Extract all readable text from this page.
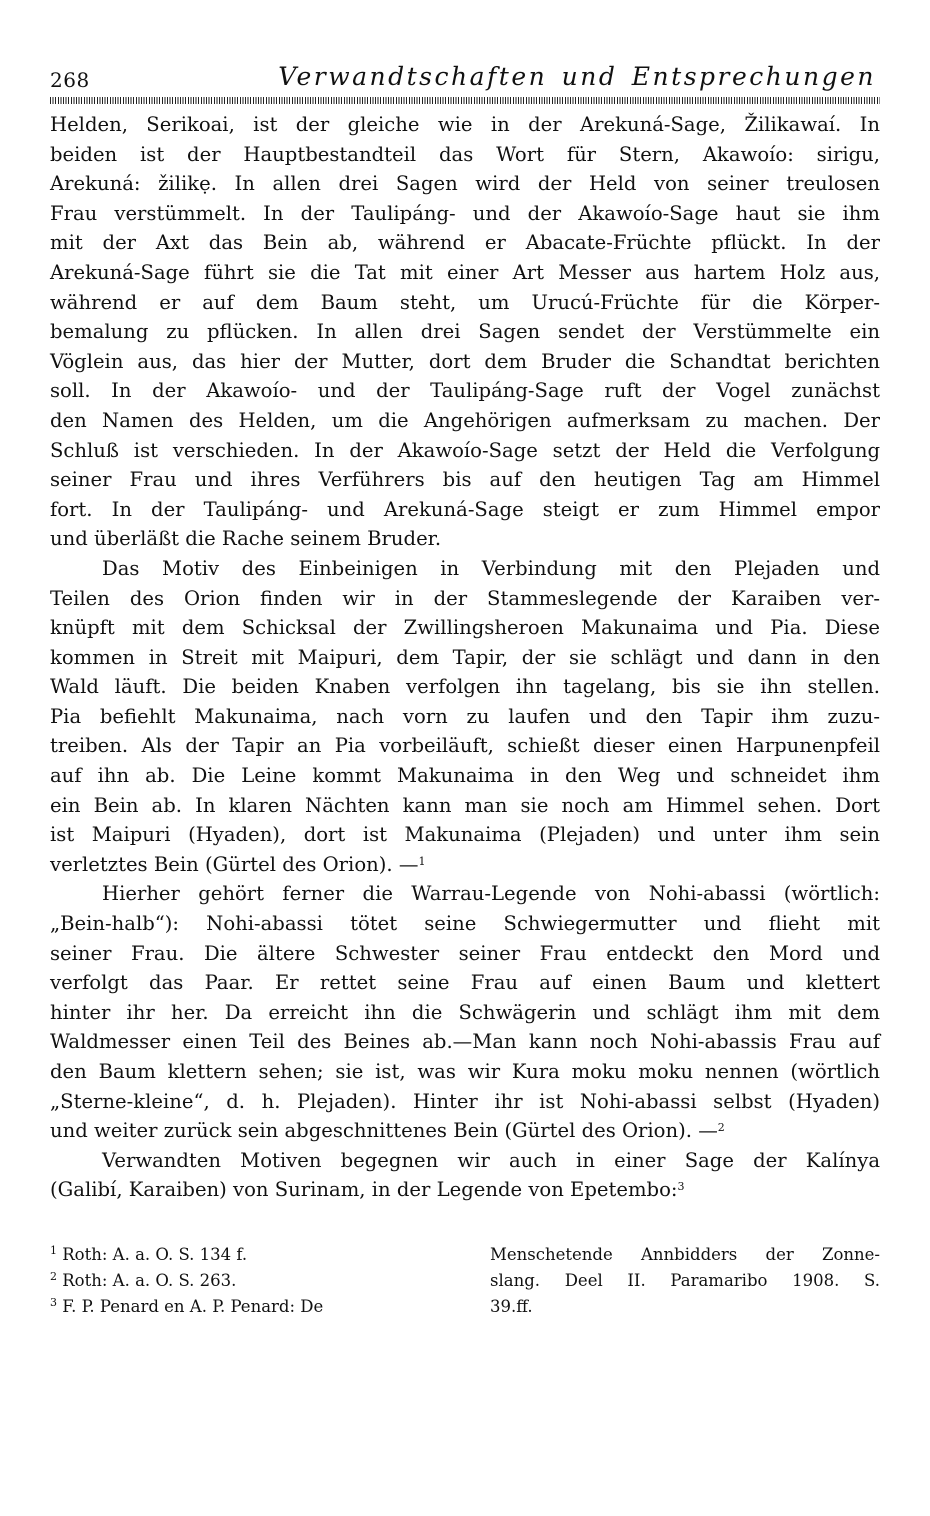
268	Verwandtschaften und Entsprechungen
Helden, Serikoai, ist der gleiche wie in der Arekuná-Sage, Žilikawaí. In
beiden ist der Hauptbestandteil das Wort für Stern, Akawoío: sirigu,
Arekuná: žilikẹ. In allen drei Sagen wird der Held von seiner treulosen
Frau verstümmelt. In der Taulipáng- und der Akawoío-Sage haut sie ihm
mit der Axt das Bein ab, während er Abacate-Früchte pflückt. In der
Arekuná-Sage führt sie die Tat mit einer Art Messer aus hartem Holz aus,
während er auf dem Baum steht, um Urucú-Früchte für die Körper-
bemalung zu pflücken. In allen drei Sagen sendet der Verstümmelte ein
Vöglein aus, das hier der Mutter, dort dem Bruder die Schandtat berichten
soll. In der Akawoío- und der Taulipáng-Sage ruft der Vogel zunächst
den Namen des Helden, um die Angehörigen aufmerksam zu machen. Der
Schluß ist verschieden. In der Akawoío-Sage setzt der Held die Verfolgung
seiner Frau und ihres Verführers bis auf den heutigen Tag am Himmel
fort. In der Taulipáng- und Arekuná-Sage steigt er zum Himmel empor
und überläßt die Rache seinem Bruder.
Das Motiv des Einbeinigen in Verbindung mit den Plejaden und
Teilen des Orion finden wir in der Stammeslegende der Karaiben ver-
knüpft mit dem Schicksal der Zwillingsheroen Makunaima und Pia. Diese
kommen in Streit mit Maipuri, dem Tapir, der sie schlägt und dann in den
Wald läuft. Die beiden Knaben verfolgen ihn tagelang, bis sie ihn stellen.
Pia befiehlt Makunaima, nach vorn zu laufen und den Tapir ihm zuzu-
treiben. Als der Tapir an Pia vorbeiläuft, schießt dieser einen Harpunenpfeil
auf ihn ab. Die Leine kommt Makunaima in den Weg und schneidet ihm
ein Bein ab. In klaren Nächten kann man sie noch am Himmel sehen. Dort
ist Maipuri (Hyaden), dort ist Makunaima (Plejaden) und unter ihm sein
verletztes Bein (Gürtel des Orion). —$^1$
Hierher gehört ferner die Warrau-Legende von Nohi-abassi (wörtlich:
„Bein-halb“): Nohi-abassi tötet seine Schwiegermutter und flieht mit
seiner Frau. Die ältere Schwester seiner Frau entdeckt den Mord und
verfolgt das Paar. Er rettet seine Frau auf einen Baum und klettert
hinter ihr her. Da erreicht ihn die Schwägerin und schlägt ihm mit dem
Waldmesser einen Teil des Beines ab.—Man kann noch Nohi-abassis Frau auf
den Baum klettern sehen; sie ist, was wir Kura moku moku nennen (wörtlich
„Sterne-kleine“, d. h. Plejaden). Hinter ihr ist Nohi-abassi selbst (Hyaden)
und weiter zurück sein abgeschnittenes Bein (Gürtel des Orion). —$^2$
Verwandten Motiven begegnen wir auch in einer Sage der Kalínya
(Galibí, Karaiben) von Surinam, in der Legende von Epetembo:$^3$
$^1$ Roth: A. a. O. S. 134 f.
$^2$ Roth: A. a. O. S. 263.
$^3$ F. P. Penard en A. P. Penard: De
Menschetende Annbidders der Zonne-
slang. Deel II. Paramaribo 1908. S.
39.ff.
